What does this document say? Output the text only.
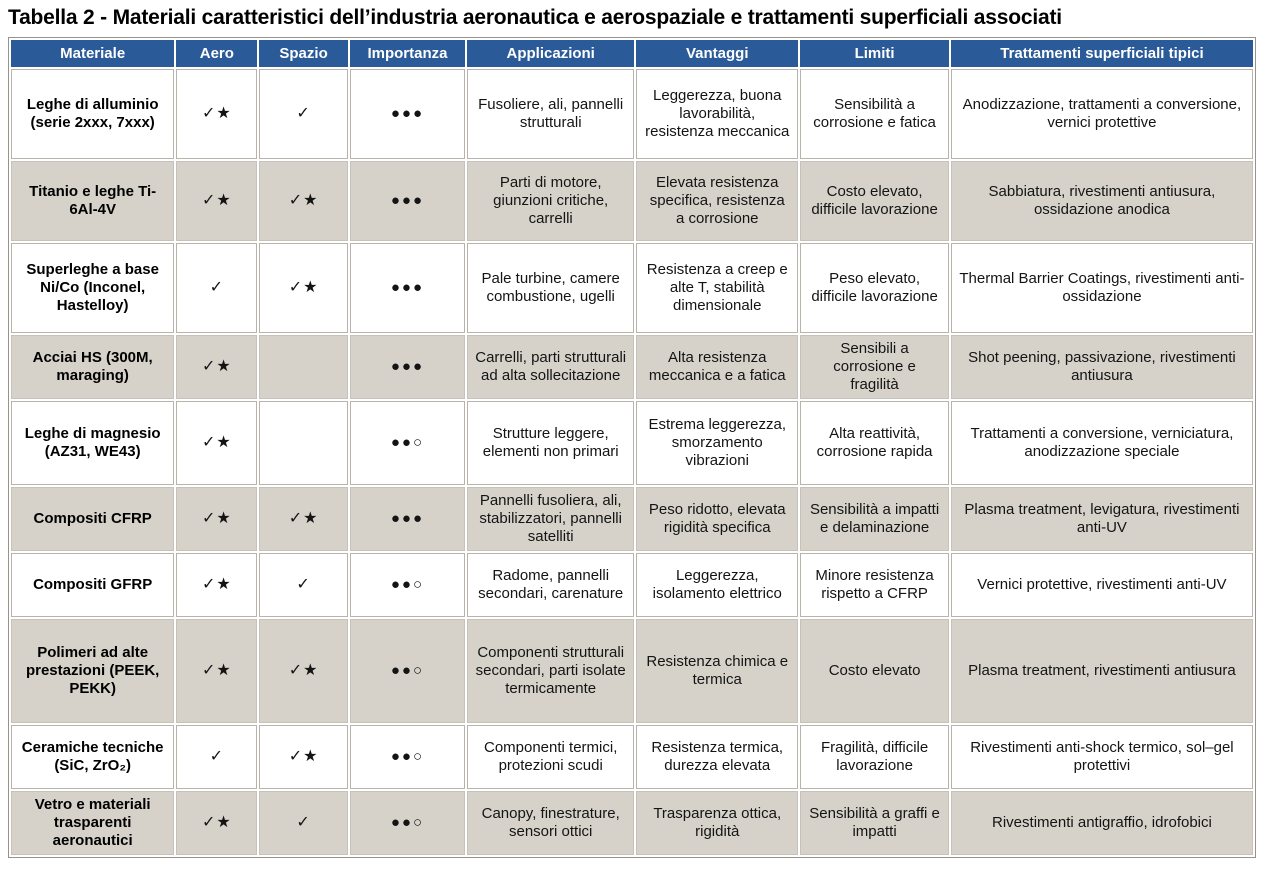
Tabella 2 - Materiali caratteristici dell’industria aeronautica e aerospaziale e trattamenti superficiali associati
Materiale	Aero	Spazio	Importanza	Applicazioni	Vantaggi	Limiti	Trattamenti superficiali tipici
Leghe di alluminio (serie 2xxx, 7xxx)	✓★	✓	●●●	Fusoliere, ali, pannelli strutturali	Leggerezza, buona lavorabilità, resistenza meccanica	Sensibilità a corrosione e fatica	Anodizzazione, trattamenti a conversione, vernici protettive
Titanio e leghe Ti-6Al-4V	✓★	✓★	●●●	Parti di motore, giunzioni critiche, carrelli	Elevata resistenza specifica, resistenza a corrosione	Costo elevato, difficile lavorazione	Sabbiatura, rivestimenti antiusura, ossidazione anodica
Superleghe a base Ni/Co (Inconel, Hastelloy)	✓	✓★	●●●	Pale turbine, camere combustione, ugelli	Resistenza a creep e alte T, stabilità dimensionale	Peso elevato, difficile lavorazione	Thermal Barrier Coatings, rivestimenti anti-ossidazione
Acciai HS (300M, maraging)	✓★		●●●	Carrelli, parti strutturali ad alta sollecitazione	Alta resistenza meccanica e a fatica	Sensibili a corrosione e fragilità	Shot peening, passivazione, rivestimenti antiusura
Leghe di magnesio (AZ31, WE43)	✓★		●●○	Strutture leggere, elementi non primari	Estrema leggerezza, smorzamento vibrazioni	Alta reattività, corrosione rapida	Trattamenti a conversione, verniciatura, anodizzazione speciale
Compositi CFRP	✓★	✓★	●●●	Pannelli fusoliera, ali, stabilizzatori, pannelli satelliti	Peso ridotto, elevata rigidità specifica	Sensibilità a impatti e delaminazione	Plasma treatment, levigatura, rivestimenti anti-UV
Compositi GFRP	✓★	✓	●●○	Radome, pannelli secondari, carenature	Leggerezza, isolamento elettrico	Minore resistenza rispetto a CFRP	Vernici protettive, rivestimenti anti-UV
Polimeri ad alte prestazioni (PEEK, PEKK)	✓★	✓★	●●○	Componenti strutturali secondari, parti isolate termicamente	Resistenza chimica e termica	Costo elevato	Plasma treatment, rivestimenti antiusura
Ceramiche tecniche (SiC, ZrO₂)	✓	✓★	●●○	Componenti termici, protezioni scudi	Resistenza termica, durezza elevata	Fragilità, difficile lavorazione	Rivestimenti anti-shock termico, sol–gel protettivi
Vetro e materiali trasparenti aeronautici	✓★	✓	●●○	Canopy, finestrature, sensori ottici	Trasparenza ottica, rigidità	Sensibilità a graffi e impatti	Rivestimenti antigraffio, idrofobici
